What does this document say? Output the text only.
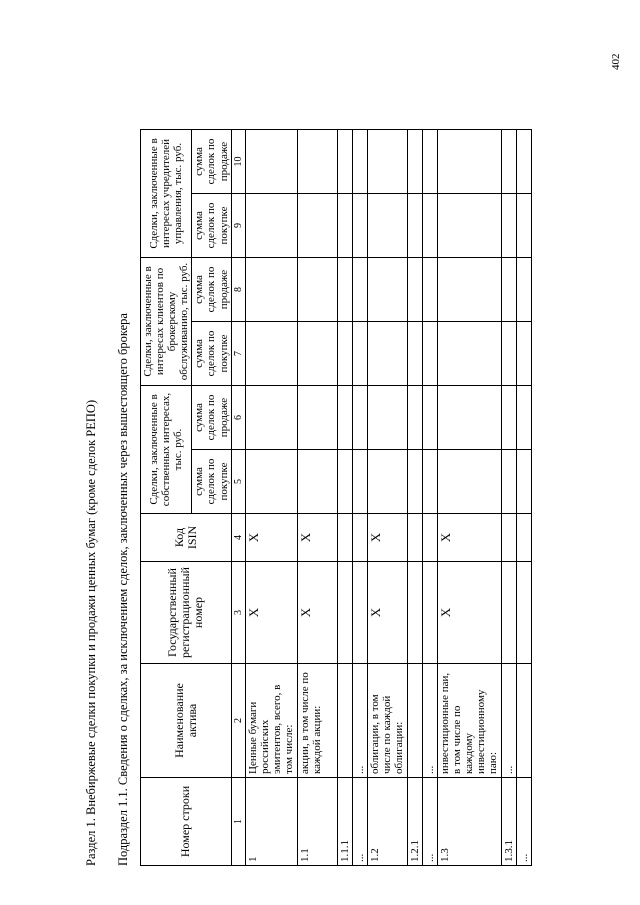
402
Раздел 1. Внебиржевые сделки покупки и продажи ценных бумаг (кроме сделок РЕПО) Подраздел 1.1. Сведения о сделках, за исключением сделок, заключенных через вышестоящего брокера	Номер строки	Наименование актива	Государственный регистрационный номер	Код ISIN	Сделки, заключенные в собственных интересах, тыс. руб.		Сделки, заключенные в интересах клиентов по брокерскому обслуживанию, тыс. руб.		Сделки, заключенные в интересах учредителей управления, тыс. руб.	
				сумма сделок по покупке	сумма сделок по продаже	сумма сделок по покупке	сумма сделок по продаже	сумма сделок по покупке	сумма сделок по продаже
1	2	3	4	5	6	7	8	9	10
1	Ценные бумаги российских эмитентов, всего, в том числе:	X	X						
1.1	акции, в том числе по каждой акции:	X	X						
1.1.1									
...	...								
1.2	облигации, в том числе по каждой облигации:	X	X						
1.2.1									
...	...								
1.3	инвестиционные паи, в том числе по каждому инвестиционному паю:	X	X						
1.3.1	...								
...									
